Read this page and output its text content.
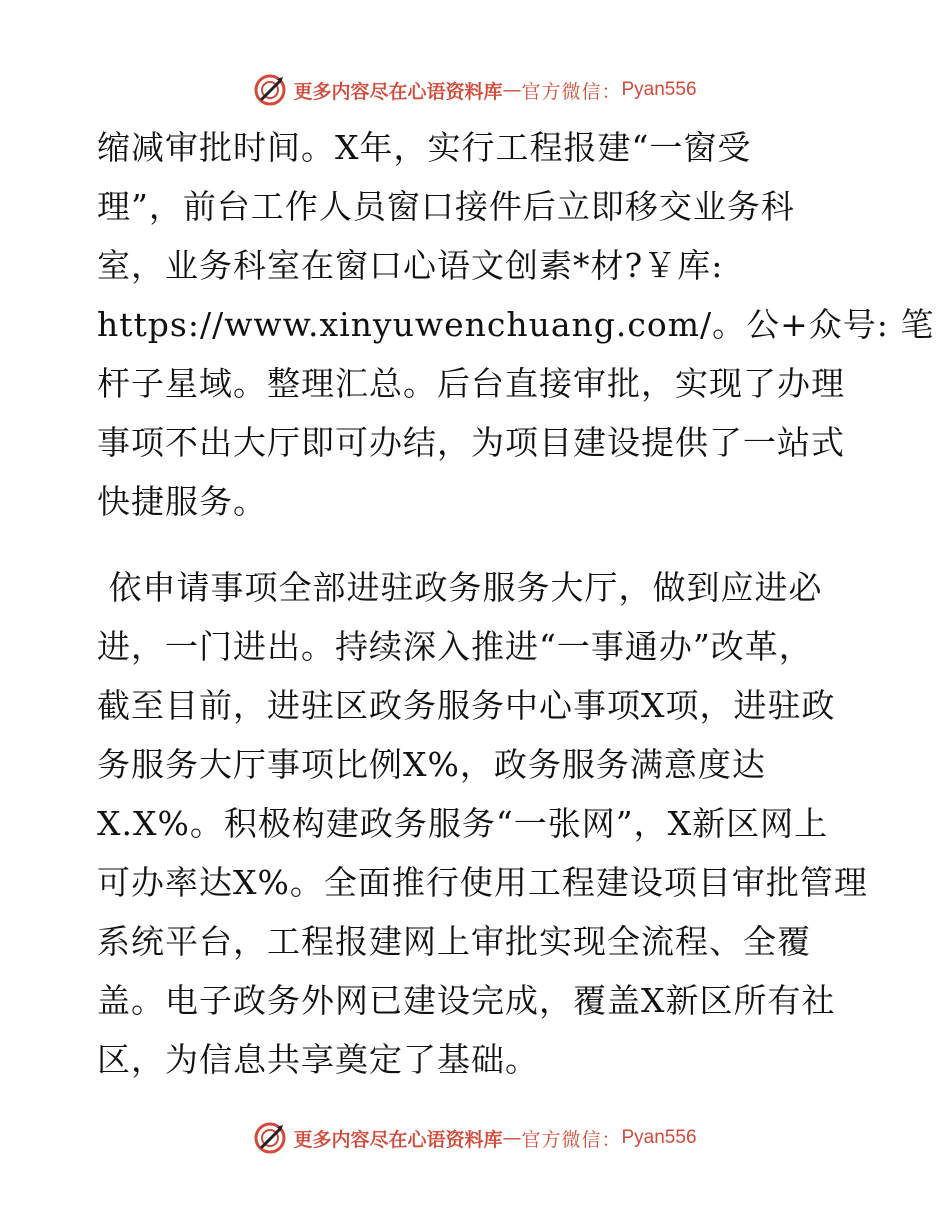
更多内容尽在心语资料库 — 官方微信： Pyan556
缩减审批时间。X年，实行工程报建“一窗受
理”，前台工作人员窗口接件后立即移交业务科
室，业务科室在窗口心语文创素*材?￥库:
https://www.xinyuwenchuang.com/。公+众号: 笔
杆子星域。整理汇总。后台直接审批，实现了办理
事项不出大厅即可办结，为项目建设提供了一站式
快捷服务。
依申请事项全部进驻政务服务大厅，做到应进必
进，一门进出。持续深入推进“一事通办”改革，
截至目前，进驻区政务服务中心事项X项，进驻政
务服务大厅事项比例X%，政务服务满意度达
X.X%。积极构建政务服务“一张网”，X新区网上
可办率达X%。全面推行使用工程建设项目审批管理
系统平台，工程报建网上审批实现全流程、全覆
盖。电子政务外网已建设完成，覆盖X新区所有社
区，为信息共享奠定了基础。
更多内容尽在心语资料库 — 官方微信： Pyan556
